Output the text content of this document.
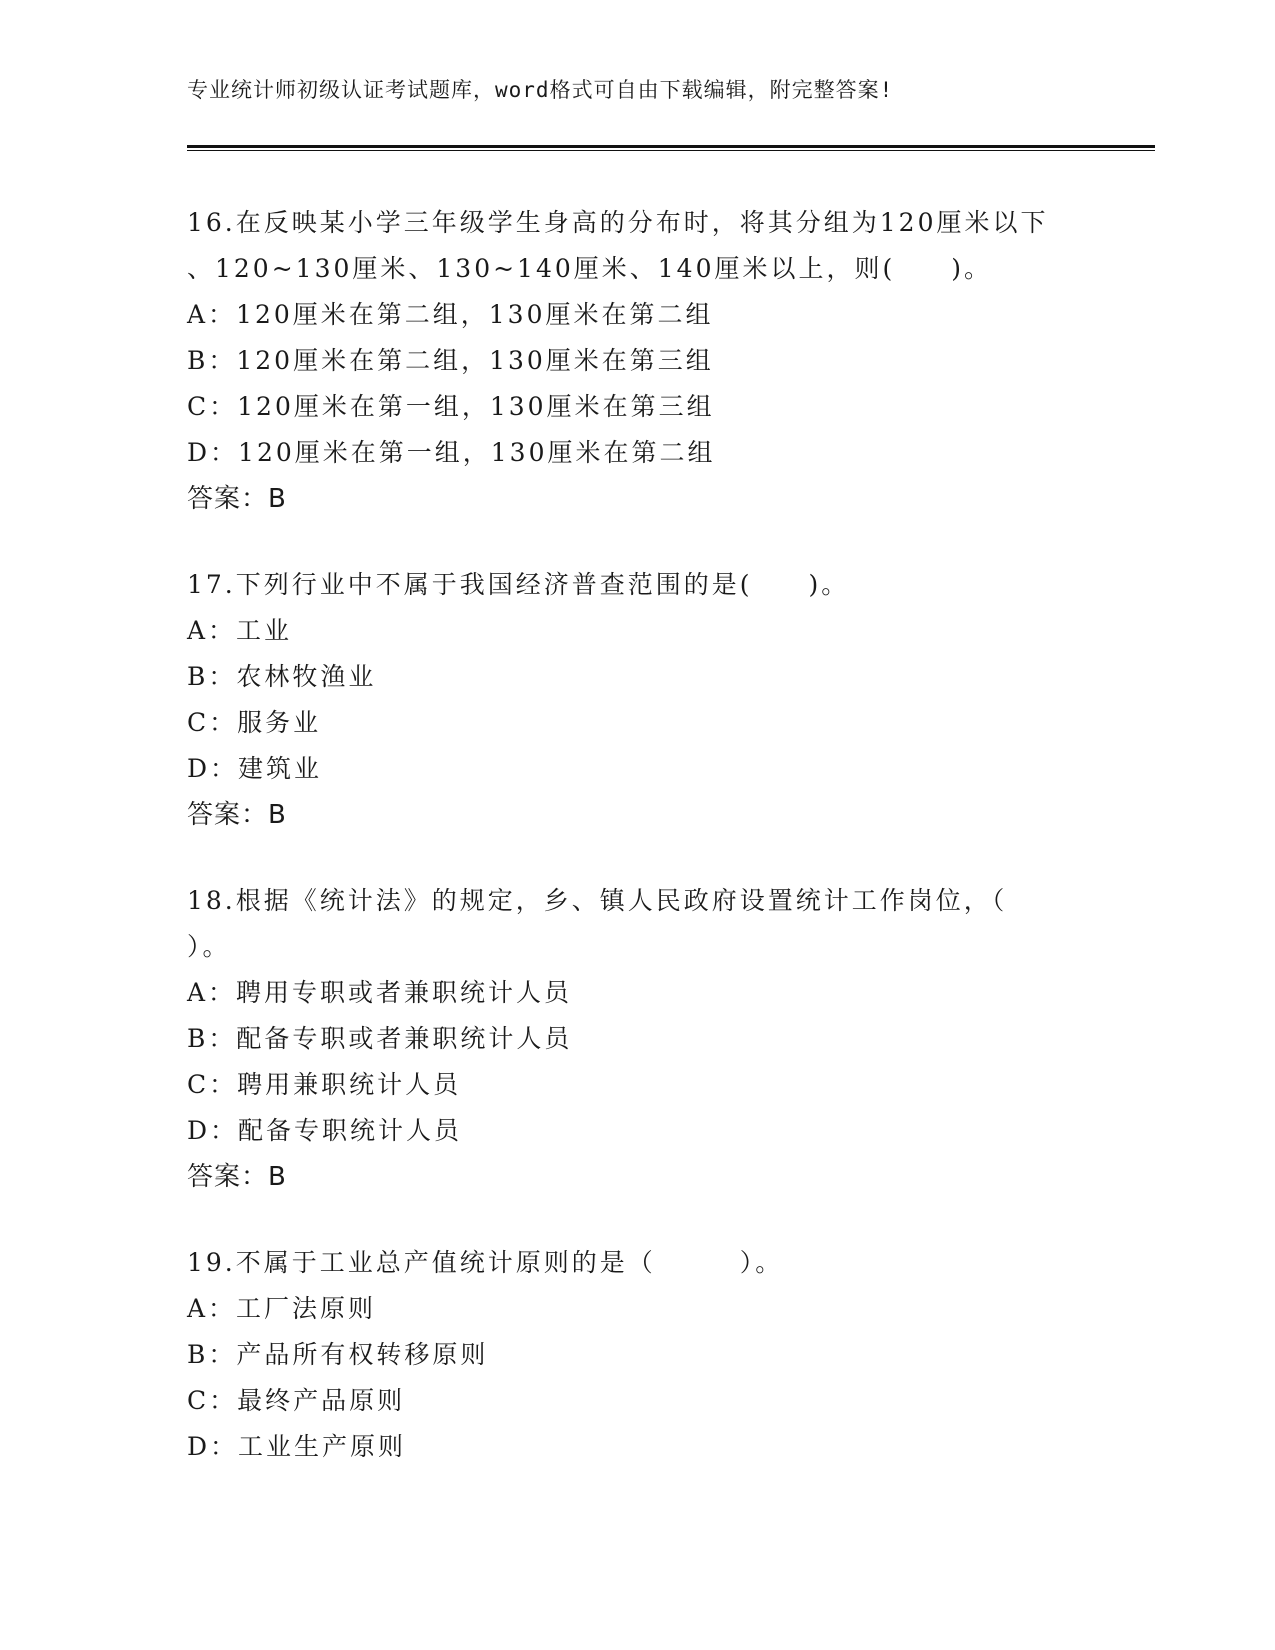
专业统计师初级认证考试题库，word格式可自由下载编辑，附完整答案!
16.在反映某小学三年级学生身高的分布时，将其分组为120厘米以下
、120~130厘米、130~140厘米、140厘米以上，则(　　)。
A：120厘米在第二组，130厘米在第二组
B：120厘米在第二组，130厘米在第三组
C：120厘米在第一组，130厘米在第三组
D：120厘米在第一组，130厘米在第二组
答案：B
17.下列行业中不属于我国经济普查范围的是(　　)。
A：工业
B：农林牧渔业
C：服务业
D：建筑业
答案：B
18.根据《统计法》的规定，乡、镇人民政府设置统计工作岗位，（
）。
A：聘用专职或者兼职统计人员
B：配备专职或者兼职统计人员
C：聘用兼职统计人员
D：配备专职统计人员
答案：B
19.不属于工业总产值统计原则的是（　　　）。
A：工厂法原则
B：产品所有权转移原则
C：最终产品原则
D：工业生产原则
